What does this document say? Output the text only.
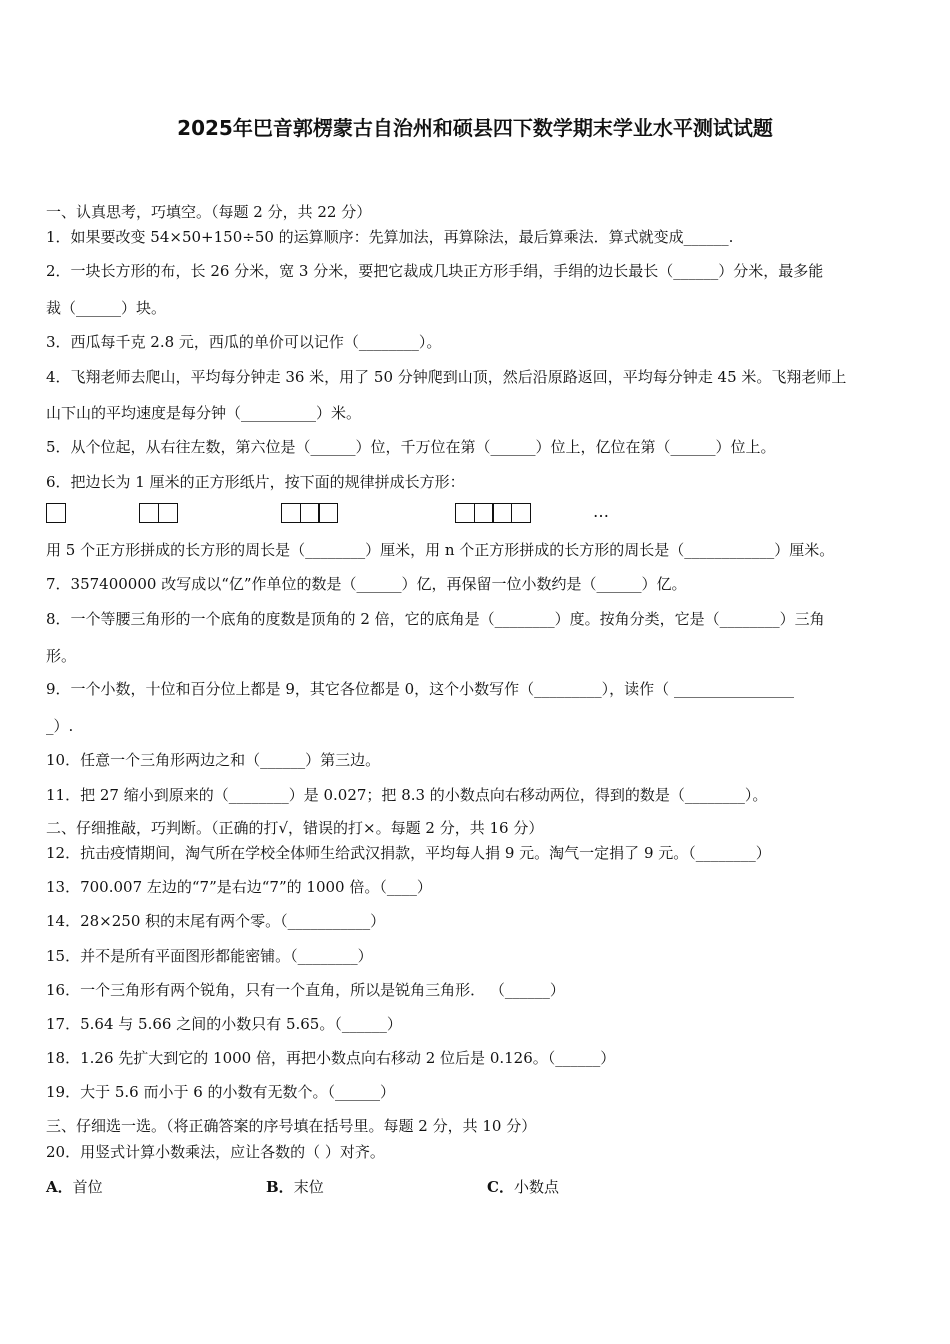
2025年巴音郭楞蒙古自治州和硕县四下数学期末学业水平测试试题
一、认真思考，巧填空。（每题 2 分，共 22 分）
1．如果要改变 54×50+150÷50 的运算顺序：先算加法，再算除法，最后算乘法．算式就变成______.
2．一块长方形的布，长 26 分米，宽 3 分米，要把它裁成几块正方形手绢，手绢的边长最长（______）分米，最多能
裁（______）块。
3．西瓜每千克 2.8 元，西瓜的单价可以记作（________）。
4．飞翔老师去爬山，平均每分钟走 36 米，用了 50 分钟爬到山顶，然后沿原路返回，平均每分钟走 45 米。飞翔老师上
山下山的平均速度是每分钟（__________）米。
5．从个位起，从右往左数，第六位是（______）位，千万位在第（______）位上，亿位在第（______）位上。
6．把边长为 1 厘米的正方形纸片，按下面的规律拼成长方形：
…
用 5 个正方形拼成的长方形的周长是（________）厘米，用 n 个正方形拼成的长方形的周长是（____________）厘米。
7．357400000 改写成以“亿”作单位的数是（______）亿，再保留一位小数约是（______）亿。
8．一个等腰三角形的一个底角的度数是顶角的 2 倍，它的底角是（________）度。按角分类，它是（________）三角
形。
9．一个小数，十位和百分位上都是 9，其它各位都是 0，这个小数写作（_________），读作（ ________________
_）.
10．任意一个三角形两边之和（______）第三边。
11．把 27 缩小到原来的（________）是 0.027；把 8.3 的小数点向右移动两位，得到的数是（________）。
二、仔细推敲，巧判断。（正确的打√，错误的打×。每题 2 分，共 16 分）
12．抗击疫情期间，淘气所在学校全体师生给武汉捐款，平均每人捐 9 元。淘气一定捐了 9 元。（________）
13．700.007 左边的“7”是右边“7”的 1000 倍。（____）
14．28×250 积的末尾有两个零。（___________）
15．并不是所有平面图形都能密铺。（________）
16．一个三角形有两个锐角，只有一个直角，所以是锐角三角形． （______）
17．5.64 与 5.66 之间的小数只有 5.65。（______）
18．1.26 先扩大到它的 1000 倍，再把小数点向右移动 2 位后是 0.126。（______）
19．大于 5.6 而小于 6 的小数有无数个。（______）
三、仔细选一选。（将正确答案的序号填在括号里。每题 2 分，共 10 分）
20．用竖式计算小数乘法，应让各数的（ ）对齐。
A．首位	B．末位	C．小数点
